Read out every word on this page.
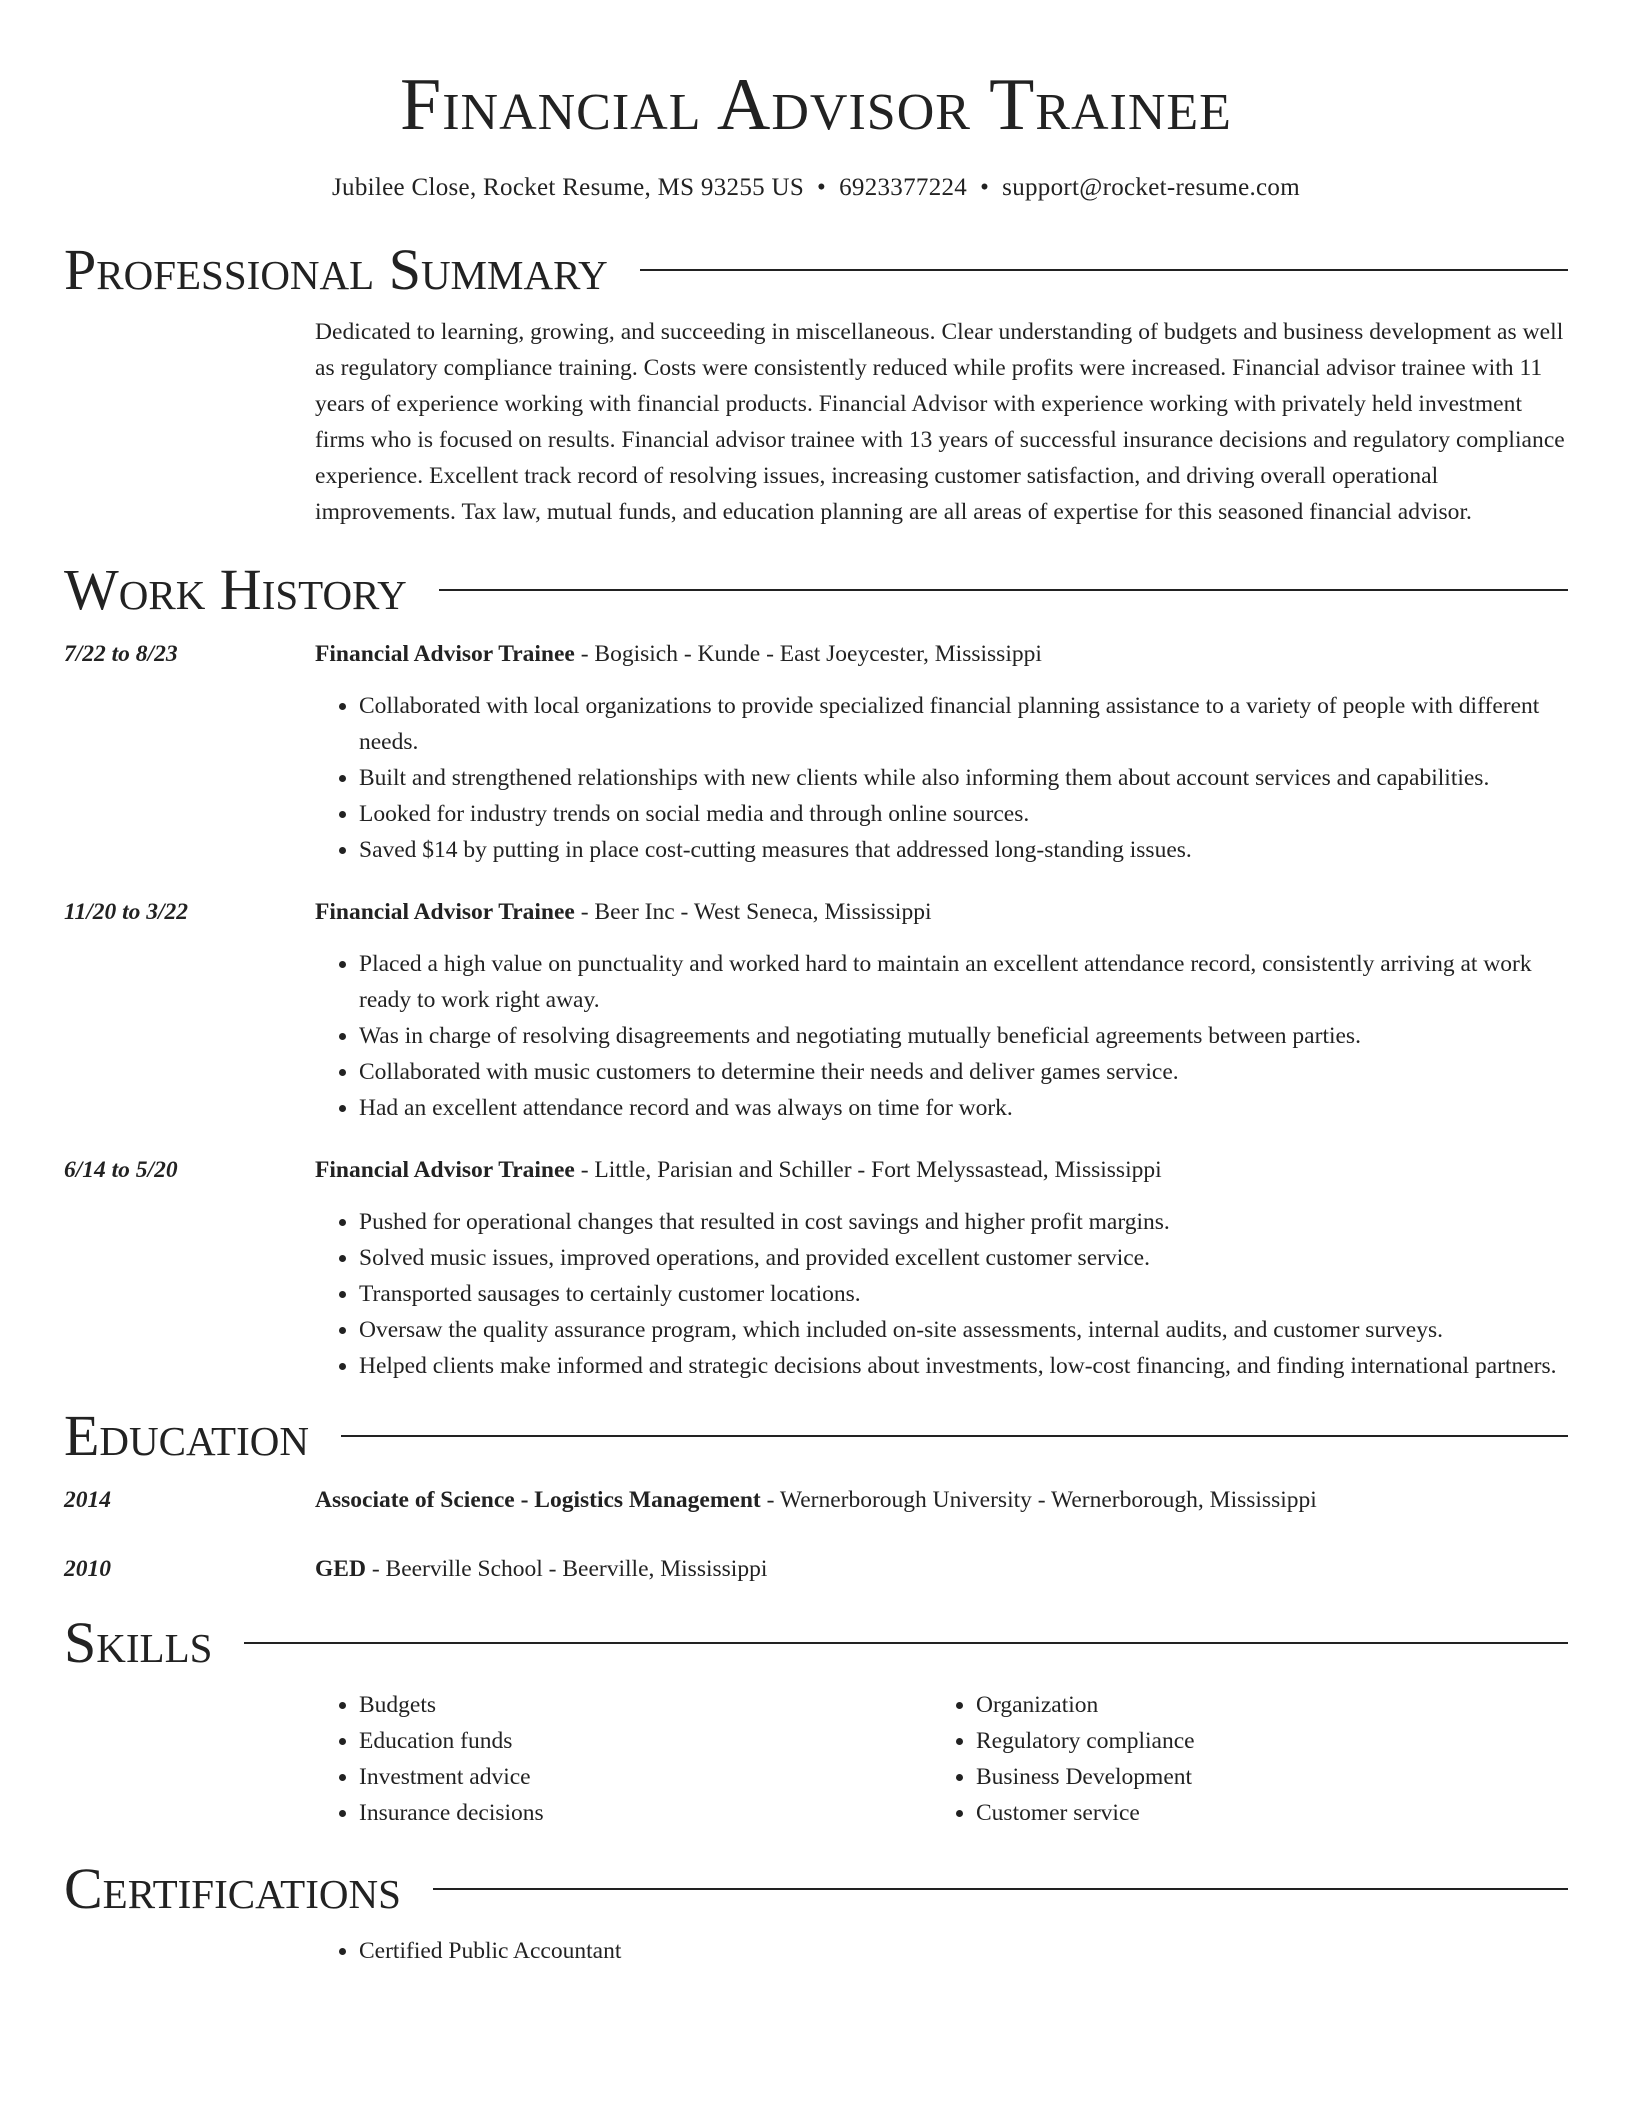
Financial Advisor Trainee
Jubilee Close, Rocket Resume, MS 93255 US • 6923377224 • support@rocket-resume.com
Professional Summary
Dedicated to learning, growing, and succeeding in miscellaneous. Clear understanding of budgets and business development as well as regulatory compliance training. Costs were consistently reduced while profits were increased. Financial advisor trainee with 11 years of experience working with financial products. Financial Advisor with experience working with privately held investment firms who is focused on results. Financial advisor trainee with 13 years of successful insurance decisions and regulatory compliance experience. Excellent track record of resolving issues, increasing customer satisfaction, and driving overall operational improvements. Tax law, mutual funds, and education planning are all areas of expertise for this seasoned financial advisor.
Work History
7/22 to 8/23	Financial Advisor Trainee - Bogisich - Kunde - East Joeycester, Mississippi
• Collaborated with local organizations to provide specialized financial planning assistance to a variety of people with different needs.
• Built and strengthened relationships with new clients while also informing them about account services and capabilities.
• Looked for industry trends on social media and through online sources.
• Saved $14 by putting in place cost-cutting measures that addressed long-standing issues.
11/20 to 3/22	Financial Advisor Trainee - Beer Inc - West Seneca, Mississippi
• Placed a high value on punctuality and worked hard to maintain an excellent attendance record, consistently arriving at work ready to work right away.
• Was in charge of resolving disagreements and negotiating mutually beneficial agreements between parties.
• Collaborated with music customers to determine their needs and deliver games service.
• Had an excellent attendance record and was always on time for work.
6/14 to 5/20	Financial Advisor Trainee - Little, Parisian and Schiller - Fort Melyssastead, Mississippi
• Pushed for operational changes that resulted in cost savings and higher profit margins.
• Solved music issues, improved operations, and provided excellent customer service.
• Transported sausages to certainly customer locations.
• Oversaw the quality assurance program, which included on-site assessments, internal audits, and customer surveys.
• Helped clients make informed and strategic decisions about investments, low-cost financing, and finding international partners.
Education
2014	Associate of Science - Logistics Management - Wernerborough University - Wernerborough, Mississippi
2010	GED - Beerville School - Beerville, Mississippi
Skills
• Budgets
• Education funds
• Investment advice
• Insurance decisions
• Organization
• Regulatory compliance
• Business Development
• Customer service
Certifications
• Certified Public Accountant
